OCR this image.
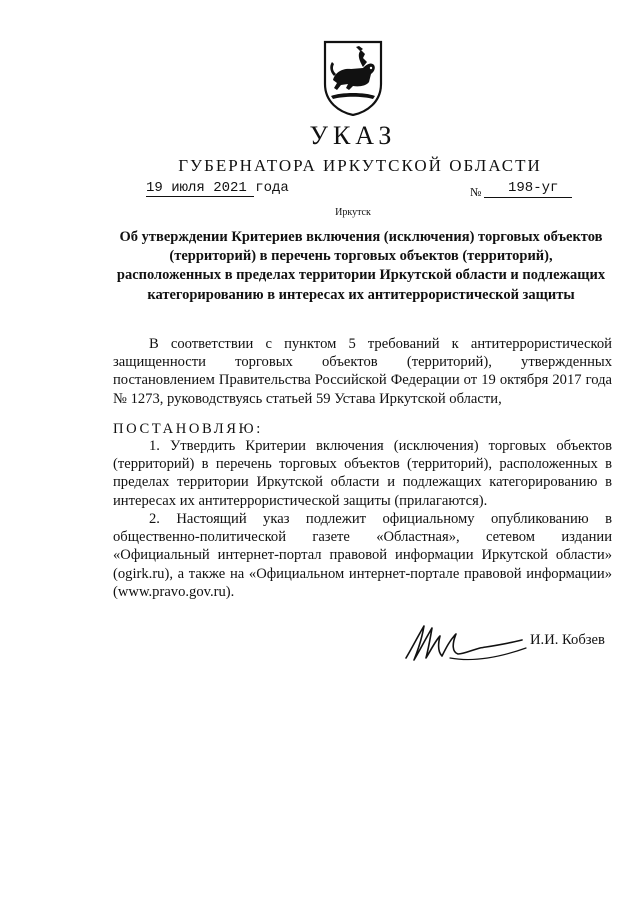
УКАЗ
ГУБЕРНАТОРА ИРКУТСКОЙ ОБЛАСТИ
19 июля 2021 года	№ 198-уг
Иркутск
Об утверждении Критериев включения (исключения) торговых объектов (территорий) в перечень торговых объектов (территорий), расположенных в пределах территории Иркутской области и подлежащих категорированию в интересах их антитеррористической защиты
В соответствии с пунктом 5 требований к антитеррористической защищенности торговых объектов (территорий), утвержденных постановлением Правительства Российской Федерации от 19 октября 2017 года № 1273, руководствуясь статьей 59 Устава Иркутской области,
ПОСТАНОВЛЯЮ:
1. Утвердить Критерии включения (исключения) торговых объектов (территорий) в перечень торговых объектов (территорий), расположенных в пределах территории Иркутской области и подлежащих категорированию в интересах их антитеррористической защиты (прилагаются).
2. Настоящий указ подлежит официальному опубликованию в общественно-политической газете «Областная», сетевом издании «Официальный интернет-портал правовой информации Иркутской области» (ogirk.ru), а также на «Официальном интернет-портале правовой информации» (www.pravo.gov.ru).
И.И. Кобзев
